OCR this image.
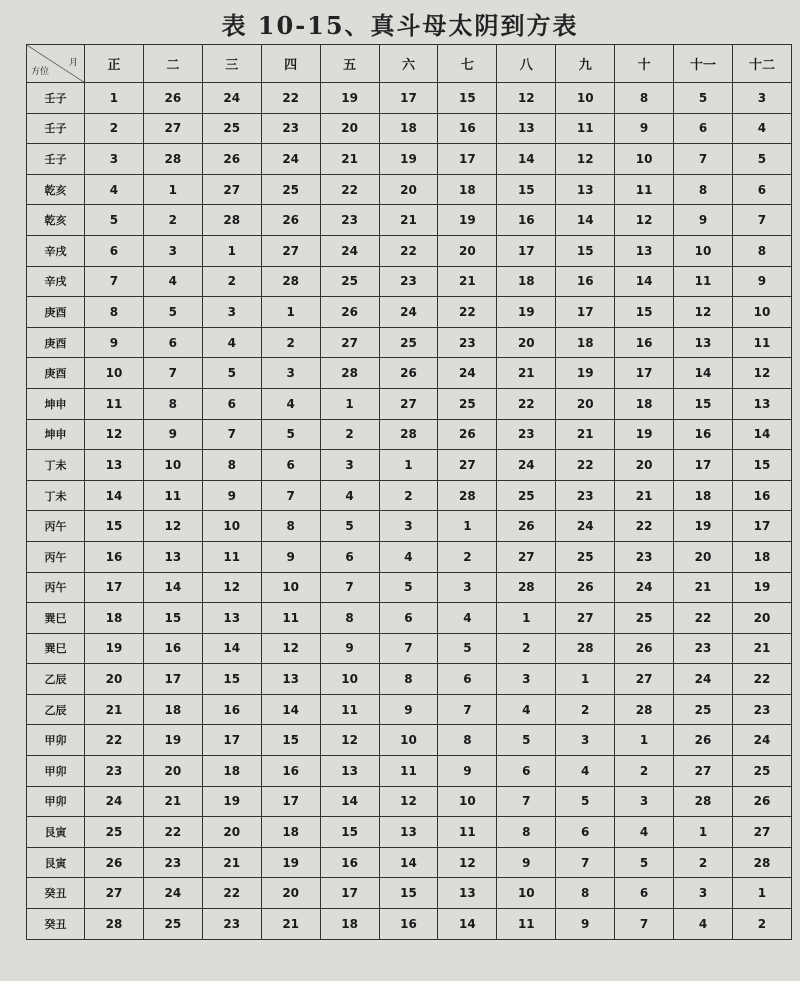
表 10-15、真斗母太阴到方表
方位
月	正	二	三	四	五	六	七	八	九	十	十一	十二
壬子	1	26	24	22	19	17	15	12	10	8	5	3
壬子	2	27	25	23	20	18	16	13	11	9	6	4
壬子	3	28	26	24	21	19	17	14	12	10	7	5
乾亥	4	1	27	25	22	20	18	15	13	11	8	6
乾亥	5	2	28	26	23	21	19	16	14	12	9	7
辛戌	6	3	1	27	24	22	20	17	15	13	10	8
辛戌	7	4	2	28	25	23	21	18	16	14	11	9
庚酉	8	5	3	1	26	24	22	19	17	15	12	10
庚酉	9	6	4	2	27	25	23	20	18	16	13	11
庚酉	10	7	5	3	28	26	24	21	19	17	14	12
坤申	11	8	6	4	1	27	25	22	20	18	15	13
坤申	12	9	7	5	2	28	26	23	21	19	16	14
丁未	13	10	8	6	3	1	27	24	22	20	17	15
丁未	14	11	9	7	4	2	28	25	23	21	18	16
丙午	15	12	10	8	5	3	1	26	24	22	19	17
丙午	16	13	11	9	6	4	2	27	25	23	20	18
丙午	17	14	12	10	7	5	3	28	26	24	21	19
巽巳	18	15	13	11	8	6	4	1	27	25	22	20
巽巳	19	16	14	12	9	7	5	2	28	26	23	21
乙辰	20	17	15	13	10	8	6	3	1	27	24	22
乙辰	21	18	16	14	11	9	7	4	2	28	25	23
甲卯	22	19	17	15	12	10	8	5	3	1	26	24
甲卯	23	20	18	16	13	11	9	6	4	2	27	25
甲卯	24	21	19	17	14	12	10	7	5	3	28	26
艮寅	25	22	20	18	15	13	11	8	6	4	1	27
艮寅	26	23	21	19	16	14	12	9	7	5	2	28
癸丑	27	24	22	20	17	15	13	10	8	6	3	1
癸丑	28	25	23	21	18	16	14	11	9	7	4	2
